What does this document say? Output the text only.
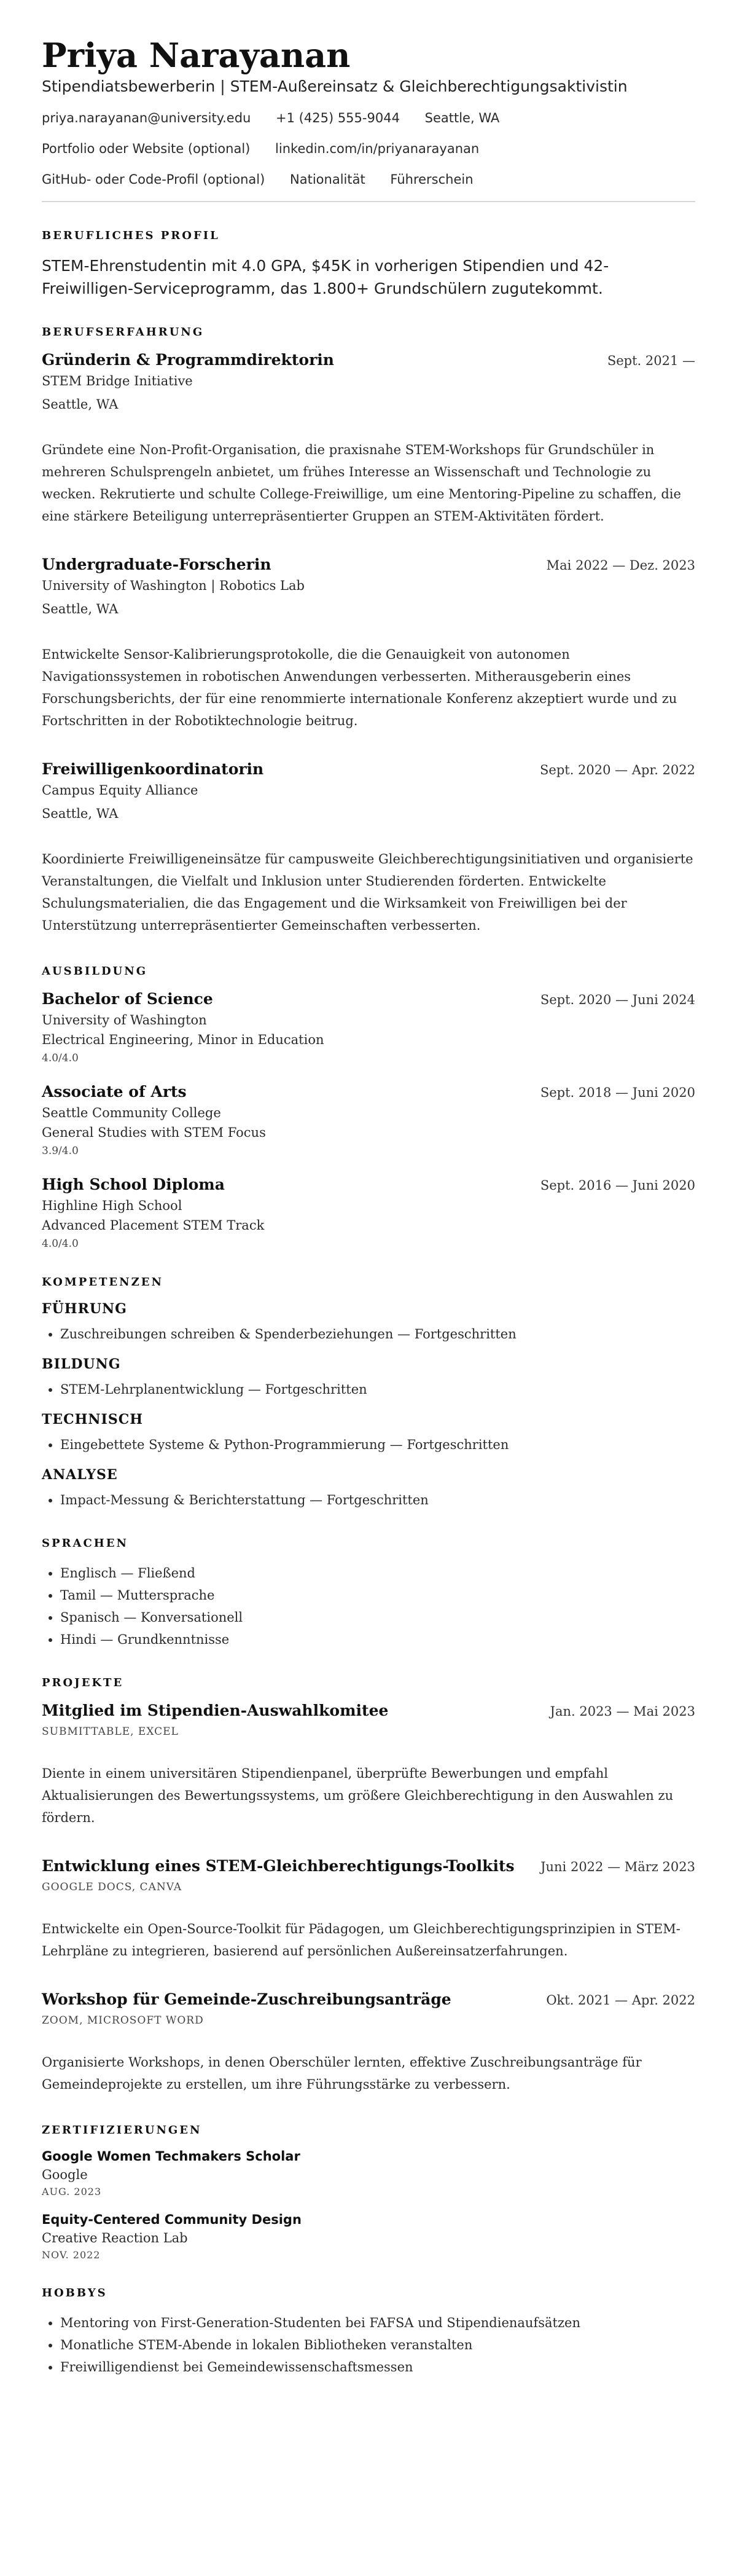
Priya Narayanan
Stipendiatsbewerberin | STEM-Außereinsatz & Gleichberechtigungsaktivistin
priya.narayanan@university.edu +1 (425) 555-9044 Seattle, WA
Portfolio oder Website (optional) linkedin.com/in/priyanarayanan
GitHub- oder Code-Profil (optional) Nationalität Führerschein
BERUFLICHES PROFIL

STEM-Ehrenstudentin mit 4.0 GPA, $45K in vorherigen Stipendien und 42-Freiwilligen-Serviceprogramm, das 1.800+ Grundschülern zugutekommt.

BERUFSERFAHRUNG
Gründerin & Programmdirektorin	Sept. 2021 —
STEM Bridge Initiative
Seattle, WA

Gründete eine Non-Profit-Organisation, die praxisnahe STEM-Workshops für Grundschüler in mehreren Schulsprengeln anbietet, um frühes Interesse an Wissenschaft und Technologie zu wecken. Rekrutierte und schulte College-Freiwillige, um eine Mentoring-Pipeline zu schaffen, die eine stärkere Beteiligung unterrepräsentierter Gruppen an STEM-Aktivitäten fördert.

Undergraduate-Forscherin	Mai 2022 — Dez. 2023
University of Washington | Robotics Lab
Seattle, WA

Entwickelte Sensor-Kalibrierungsprotokolle, die die Genauigkeit von autonomen Navigationssystemen in robotischen Anwendungen verbesserten. Mitherausgeberin eines Forschungsberichts, der für eine renommierte internationale Konferenz akzeptiert wurde und zu Fortschritten in der Robotiktechnologie beitrug.

Freiwilligenkoordinatorin	Sept. 2020 — Apr. 2022
Campus Equity Alliance
Seattle, WA

Koordinierte Freiwilligeneinsätze für campusweite Gleichberechtigungsinitiativen und organisierte Veranstaltungen, die Vielfalt und Inklusion unter Studierenden förderten. Entwickelte Schulungsmaterialien, die das Engagement und die Wirksamkeit von Freiwilligen bei der Unterstützung unterrepräsentierter Gemeinschaften verbesserten.

AUSBILDUNG
Bachelor of Science	Sept. 2020 — Juni 2024
University of Washington
Electrical Engineering, Minor in Education
4.0/4.0
Associate of Arts	Sept. 2018 — Juni 2020
Seattle Community College
General Studies with STEM Focus
3.9/4.0
High School Diploma	Sept. 2016 — Juni 2020
Highline High School
Advanced Placement STEM Track
4.0/4.0
KOMPETENZEN
FÜHRUNG
• Zuschreibungen schreiben & Spenderbeziehungen — Fortgeschritten
BILDUNG
• STEM-Lehrplanentwicklung — Fortgeschritten
TECHNISCH
• Eingebettete Systeme & Python-Programmierung — Fortgeschritten
ANALYSE
• Impact-Messung & Berichterstattung — Fortgeschritten
SPRACHEN
• Englisch — Fließend
• Tamil — Muttersprache
• Spanisch — Konversationell
• Hindi — Grundkenntnisse
PROJEKTE
Mitglied im Stipendien-Auswahlkomitee	Jan. 2023 — Mai 2023
SUBMITTABLE, EXCEL

Diente in einem universitären Stipendienpanel, überprüfte Bewerbungen und empfahl Aktualisierungen des Bewertungssystems, um größere Gleichberechtigung in den Auswahlen zu fördern.

Entwicklung eines STEM-Gleichberechtigungs-Toolkits Juni 2022 — März 2023
GOOGLE DOCS, CANVA

Entwickelte ein Open-Source-Toolkit für Pädagogen, um Gleichberechtigungsprinzipien in STEM-Lehrpläne zu integrieren, basierend auf persönlichen Außereinsatzerfahrungen.

Workshop für Gemeinde-Zuschreibungsanträge	Okt. 2021 — Apr. 2022
ZOOM, MICROSOFT WORD

Organisierte Workshops, in denen Oberschüler lernten, effektive Zuschreibungsanträge für Gemeindeprojekte zu erstellen, um ihre Führungsstärke zu verbessern.

ZERTIFIZIERUNGEN
Google Women Techmakers Scholar
Google
AUG. 2023
Equity-Centered Community Design
Creative Reaction Lab
NOV. 2022
HOBBYS
• Mentoring von First-Generation-Studenten bei FAFSA und Stipendienaufsätzen
• Monatliche STEM-Abende in lokalen Bibliotheken veranstalten
• Freiwilligendienst bei Gemeindewissenschaftsmessen
